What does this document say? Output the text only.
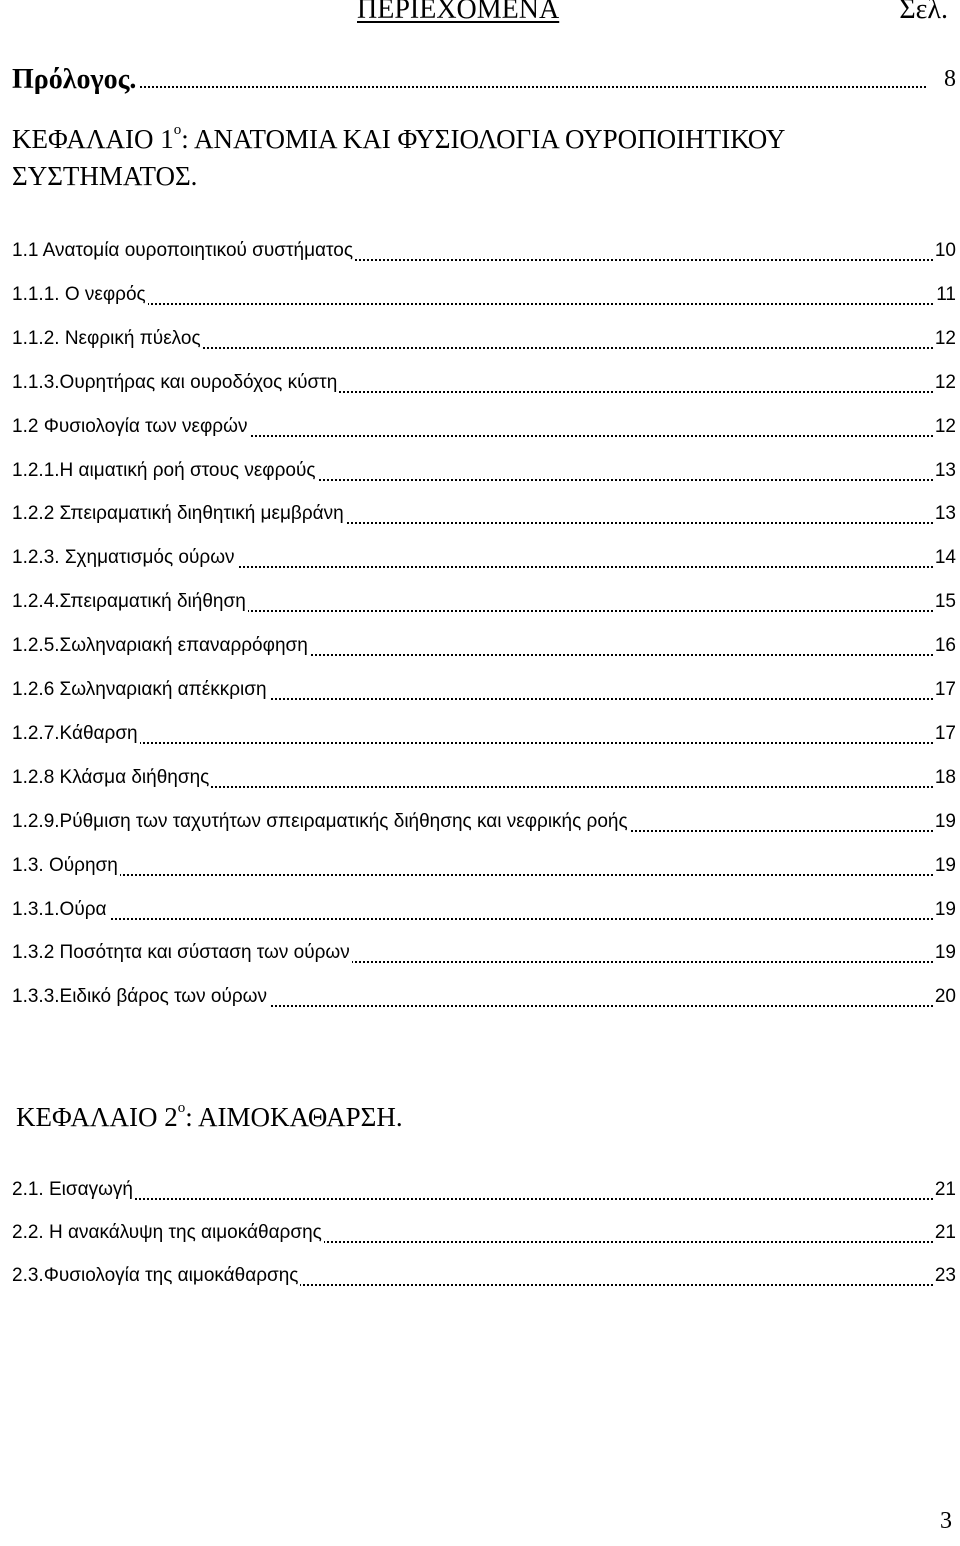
ΠΕΡΙΕΧΟΜΕΝΑ	Σελ.
Πρόλογος.	8
ΚΕΦΑΛΑΙΟ $1^o$: ΑΝΑΤΟΜΙΑ ΚΑΙ ΦΥΣΙΟΛΟΓΙΑ ΟΥΡΟΠΟΙΗΤΙΚΟΥ
ΣΥΣΤΗΜΑΤΟΣ.
1.1 Ανατομία ουροποιητικού συστήματος	10
1.1.1. Ο νεφρός	11
1.1.2. Νεφρική πύελος	12
1.1.3.Ουρητήρας και ουροδόχος κύστη	12
1.2 Φυσιολογία των νεφρών	12
1.2.1.Η αιματική ροή στους νεφρούς	13
1.2.2 Σπειραματική διηθητική μεμβράνη	13
1.2.3. Σχηματισμός ούρων	14
1.2.4.Σπειραματική διήθηση	15
1.2.5.Σωληναριακή επαναρρόφηση	16
1.2.6 Σωληναριακή απέκκριση	17
1.2.7.Κάθαρση	17
1.2.8 Κλάσμα διήθησης	18
1.2.9.Ρύθμιση των ταχυτήτων σπειραματικής διήθησης και νεφρικής ροής	19
1.3. Ούρηση	19
1.3.1.Ούρα	19
1.3.2 Ποσότητα και σύσταση των ούρων	19
1.3.3.Ειδικό βάρος των ούρων	20
ΚΕΦΑΛΑΙΟ $2^o$: ΑΙΜΟΚΑΘΑΡΣΗ.
2.1. Εισαγωγή	21
2.2. Η ανακάλυψη της αιμοκάθαρσης	21
2.3.Φυσιολογία της αιμοκάθαρσης	23
3
